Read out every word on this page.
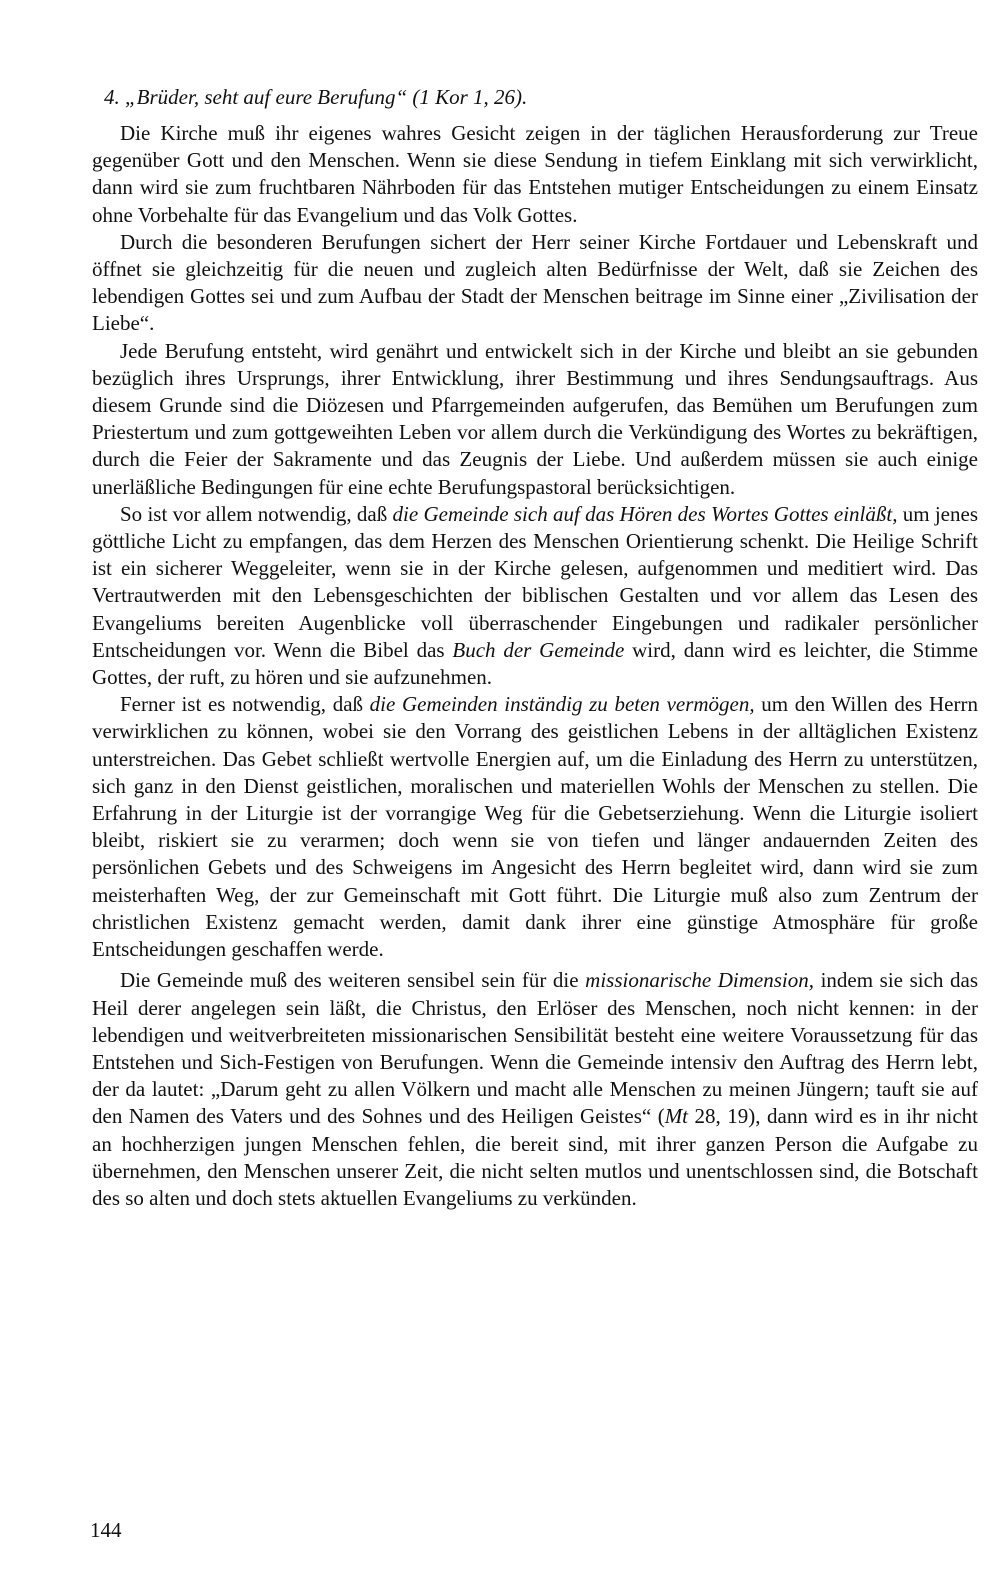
4. „Brüder, seht auf eure Berufung“ (1 Kor 1, 26).

Die Kirche muß ihr eigenes wahres Gesicht zeigen in der täglichen Herausforderung zur Treue gegenüber Gott und den Menschen. Wenn sie diese Sendung in tiefem Einklang mit sich verwirklicht, dann wird sie zum fruchtbaren Nährboden für das Entstehen mutiger Entscheidungen zu einem Einsatz ohne Vorbehalte für das Evangelium und das Volk Gottes.

Durch die besonderen Berufungen sichert der Herr seiner Kirche Fortdauer und Lebenskraft und öffnet sie gleichzeitig für die neuen und zugleich alten Bedürfnisse der Welt, daß sie Zeichen des lebendigen Gottes sei und zum Aufbau der Stadt der Menschen beitrage im Sinne einer „Zivilisation der Liebe“.

Jede Berufung entsteht, wird genährt und entwickelt sich in der Kirche und bleibt an sie gebunden bezüglich ihres Ursprungs, ihrer Entwicklung, ihrer Bestimmung und ihres Sendungsauftrags. Aus diesem Grunde sind die Diözesen und Pfarrgemeinden aufgerufen, das Bemühen um Berufungen zum Priestertum und zum gottgeweihten Leben vor allem durch die Verkündigung des Wortes zu bekräftigen, durch die Feier der Sakramente und das Zeugnis der Liebe. Und außerdem müssen sie auch einige unerläßliche Bedingungen für eine echte Berufungspastoral berücksichtigen.

So ist vor allem notwendig, daß die Gemeinde sich auf das Hören des Wortes Gottes einläßt, um jenes göttliche Licht zu empfangen, das dem Herzen des Menschen Orientierung schenkt. Die Heilige Schrift ist ein sicherer Weggeleiter, wenn sie in der Kirche gelesen, aufgenommen und meditiert wird. Das Vertrautwerden mit den Lebensgeschichten der biblischen Gestalten und vor allem das Lesen des Evangeliums bereiten Augenblicke voll überraschender Eingebungen und radikaler persönlicher Entscheidungen vor. Wenn die Bibel das Buch der Gemeinde wird, dann wird es leichter, die Stimme Gottes, der ruft, zu hören und sie aufzunehmen.

Ferner ist es notwendig, daß die Gemeinden inständig zu beten vermögen, um den Willen des Herrn verwirklichen zu können, wobei sie den Vorrang des geistlichen Lebens in der alltäglichen Existenz unterstreichen. Das Gebet schließt wertvolle Energien auf, um die Einladung des Herrn zu unterstützen, sich ganz in den Dienst geistlichen, moralischen und materiellen Wohls der Menschen zu stellen. Die Erfahrung in der Liturgie ist der vorrangige Weg für die Gebetserziehung. Wenn die Liturgie isoliert bleibt, riskiert sie zu verarmen; doch wenn sie von tiefen und länger andauernden Zeiten des persönlichen Gebets und des Schweigens im Angesicht des Herrn begleitet wird, dann wird sie zum meisterhaften Weg, der zur Gemeinschaft mit Gott führt. Die Liturgie muß also zum Zentrum der christlichen Existenz gemacht werden, damit dank ihrer eine günstige Atmosphäre für große Entscheidungen geschaffen werde.

Die Gemeinde muß des weiteren sensibel sein für die missionarische Dimension, indem sie sich das Heil derer angelegen sein läßt, die Christus, den Erlöser des Menschen, noch nicht kennen: in der lebendigen und weitverbreiteten missionarischen Sensibilität besteht eine weitere Voraussetzung für das Entstehen und Sich-Festigen von Berufungen. Wenn die Gemeinde intensiv den Auftrag des Herrn lebt, der da lautet: „Darum geht zu allen Völkern und macht alle Menschen zu meinen Jüngern; tauft sie auf den Namen des Vaters und des Sohnes und des Heiligen Geistes“ (Mt 28, 19), dann wird es in ihr nicht an hochherzigen jungen Menschen fehlen, die bereit sind, mit ihrer ganzen Person die Aufgabe zu übernehmen, den Menschen unserer Zeit, die nicht selten mutlos und unentschlossen sind, die Botschaft des so alten und doch stets aktuellen Evangeliums zu verkünden.

144
